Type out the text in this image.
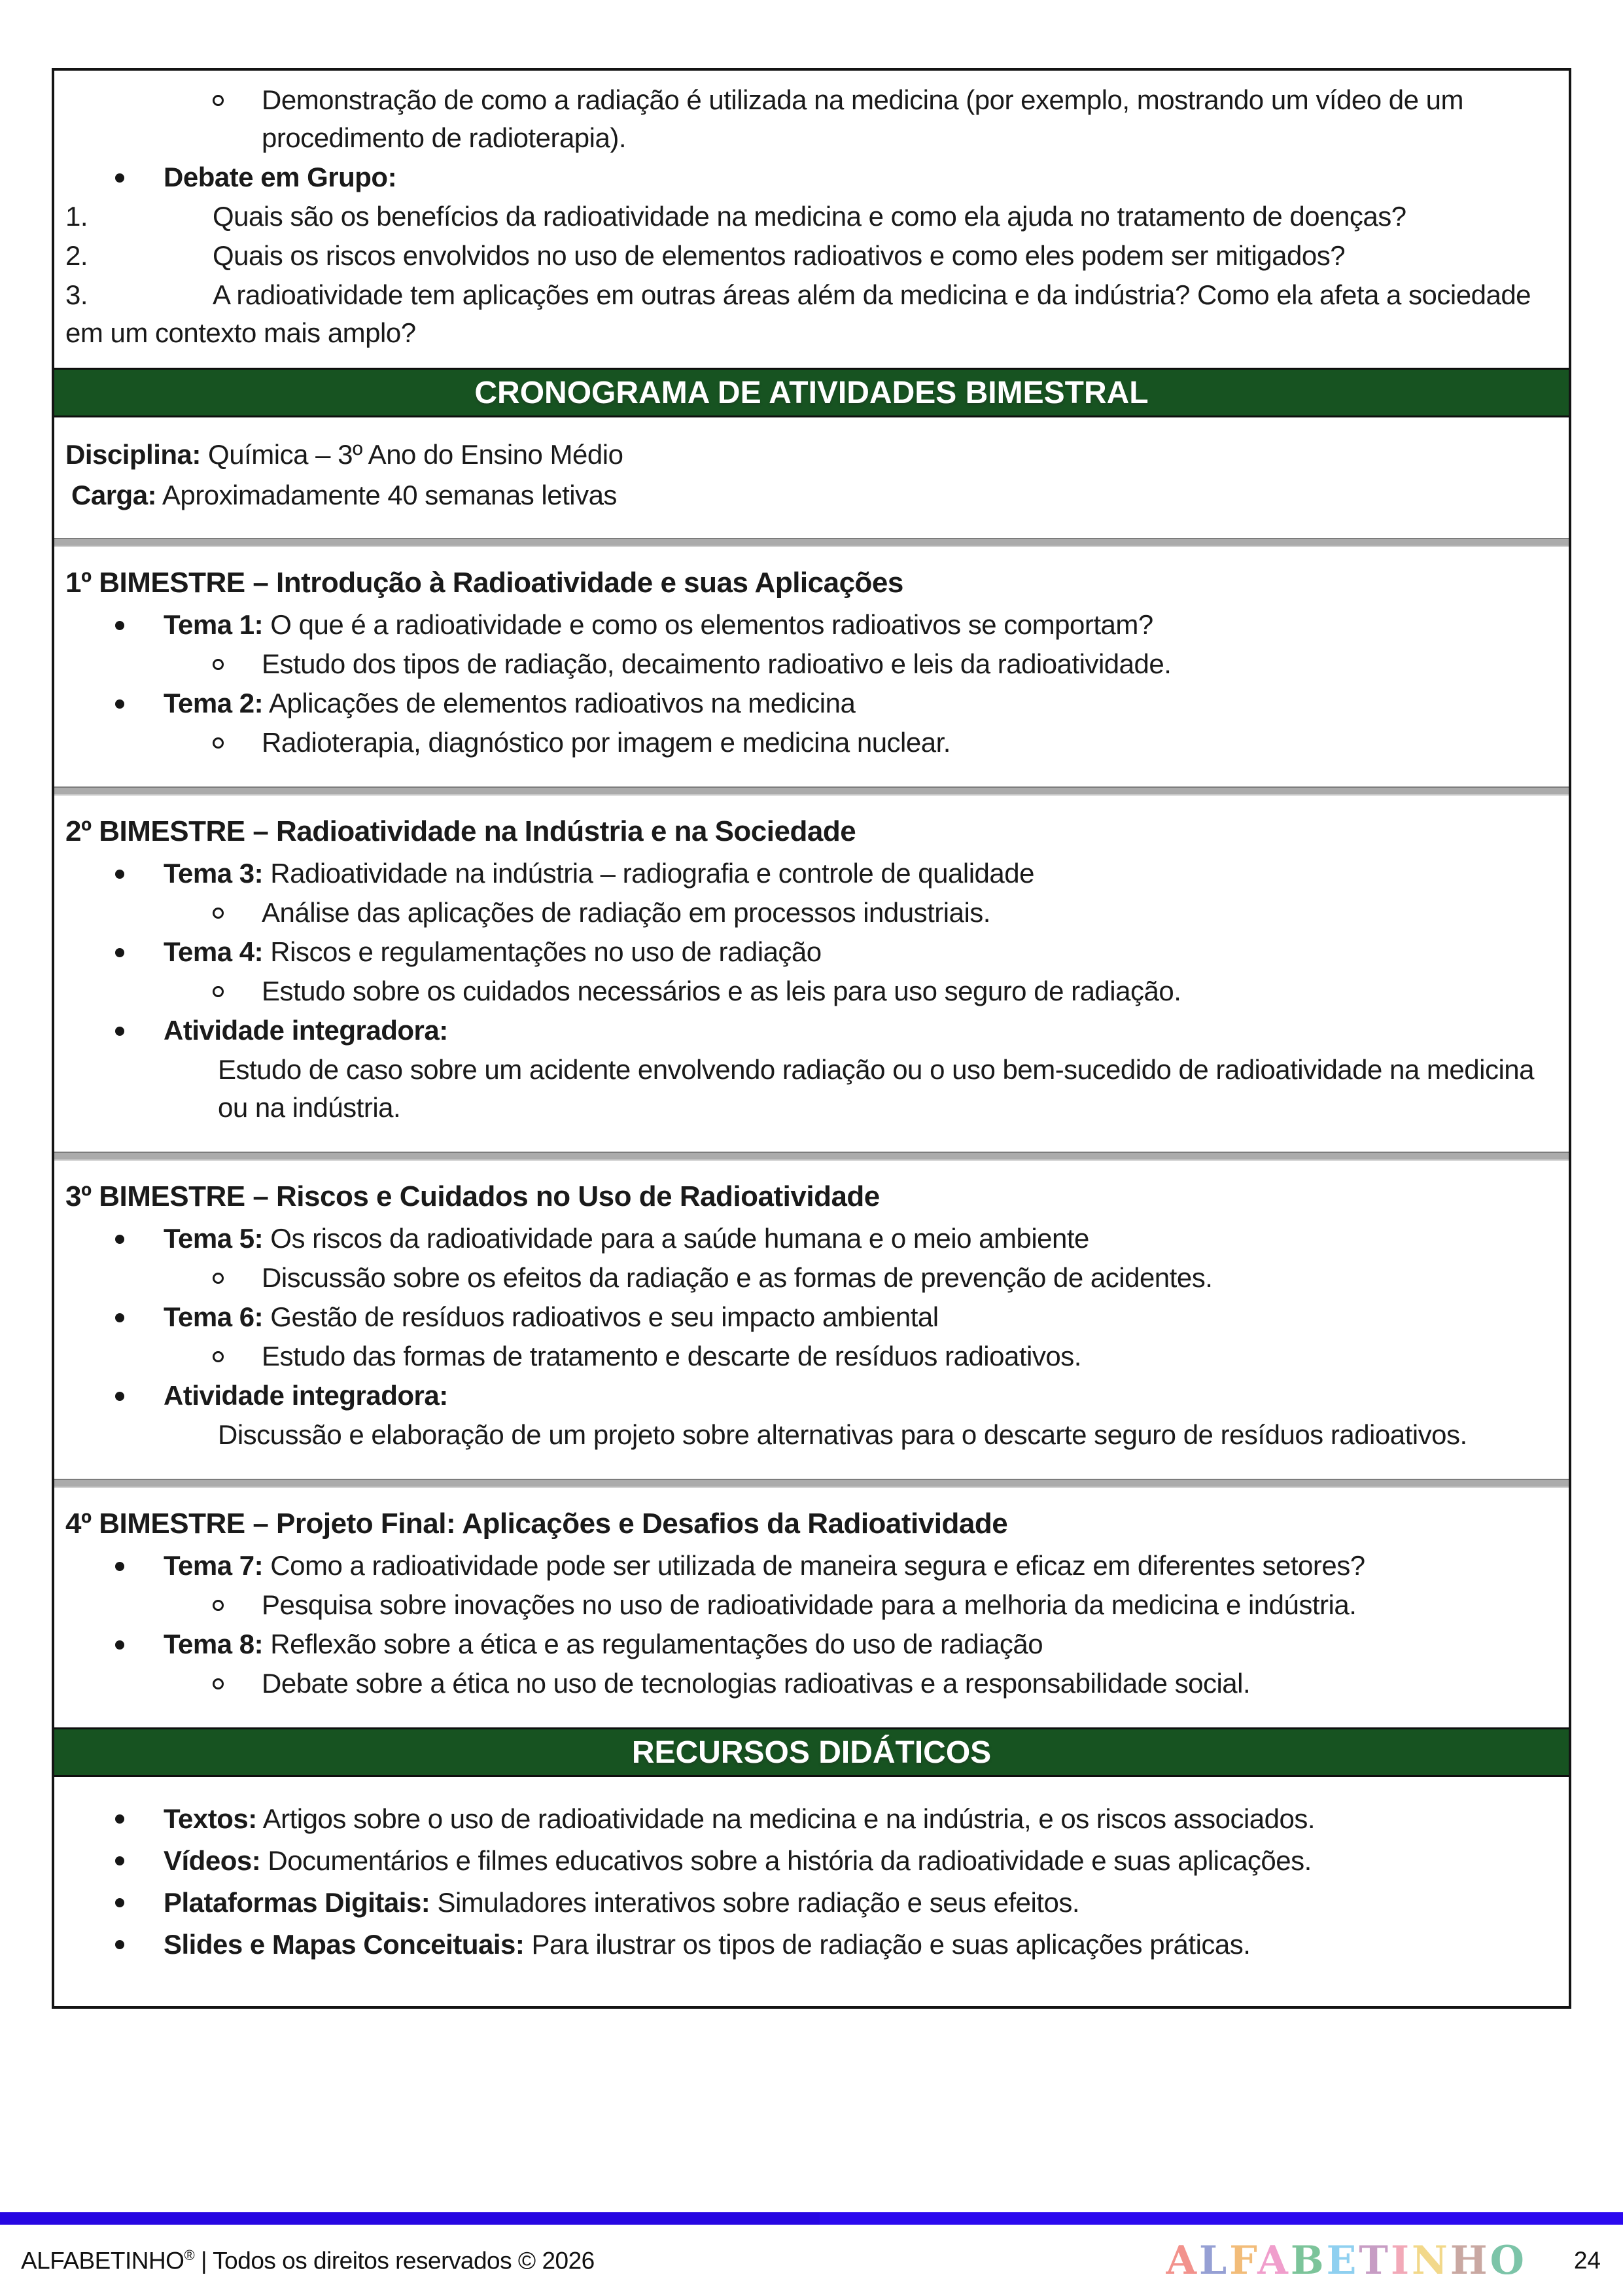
Demonstração de como a radiação é utilizada na medicina (por exemplo, mostrando um vídeo de um procedimento de radioterapia).

Debate em Grupo:

1.	Quais são os benefícios da radioatividade na medicina e como ela ajuda no tratamento de doenças?

2.	Quais os riscos envolvidos no uso de elementos radioativos e como eles podem ser mitigados?

3.	A radioatividade tem aplicações em outras áreas além da medicina e da indústria? Como ela afeta a sociedade em um contexto mais amplo?

CRONOGRAMA DE ATIVIDADES BIMESTRAL

Disciplina: Química – 3º Ano do Ensino Médio

Carga: Aproximadamente 40 semanas letivas

1º BIMESTRE – Introdução à Radioatividade e suas Aplicações

Tema 1: O que é a radioatividade e como os elementos radioativos se comportam?

Estudo dos tipos de radiação, decaimento radioativo e leis da radioatividade.

Tema 2: Aplicações de elementos radioativos na medicina

Radioterapia, diagnóstico por imagem e medicina nuclear.

2º BIMESTRE – Radioatividade na Indústria e na Sociedade

Tema 3: Radioatividade na indústria – radiografia e controle de qualidade

Análise das aplicações de radiação em processos industriais.

Tema 4: Riscos e regulamentações no uso de radiação

Estudo sobre os cuidados necessários e as leis para uso seguro de radiação.

Atividade integradora:

Estudo de caso sobre um acidente envolvendo radiação ou o uso bem-sucedido de radioatividade na medicina ou na indústria.

3º BIMESTRE – Riscos e Cuidados no Uso de Radioatividade

Tema 5: Os riscos da radioatividade para a saúde humana e o meio ambiente

Discussão sobre os efeitos da radiação e as formas de prevenção de acidentes.

Tema 6: Gestão de resíduos radioativos e seu impacto ambiental

Estudo das formas de tratamento e descarte de resíduos radioativos.

Atividade integradora:

Discussão e elaboração de um projeto sobre alternativas para o descarte seguro de resíduos radioativos.

4º BIMESTRE – Projeto Final: Aplicações e Desafios da Radioatividade

Tema 7: Como a radioatividade pode ser utilizada de maneira segura e eficaz em diferentes setores?

Pesquisa sobre inovações no uso de radioatividade para a melhoria da medicina e indústria.

Tema 8: Reflexão sobre a ética e as regulamentações do uso de radiação

Debate sobre a ética no uso de tecnologias radioativas e a responsabilidade social.

RECURSOS DIDÁTICOS

Textos: Artigos sobre o uso de radioatividade na medicina e na indústria, e os riscos associados.

Vídeos: Documentários e filmes educativos sobre a história da radioatividade e suas aplicações.

Plataformas Digitais: Simuladores interativos sobre radiação e seus efeitos.

Slides e Mapas Conceituais: Para ilustrar os tipos de radiação e suas aplicações práticas.

ALFABETINHO® | Todos os direitos reservados © 2026	ALFABETINHO 24
